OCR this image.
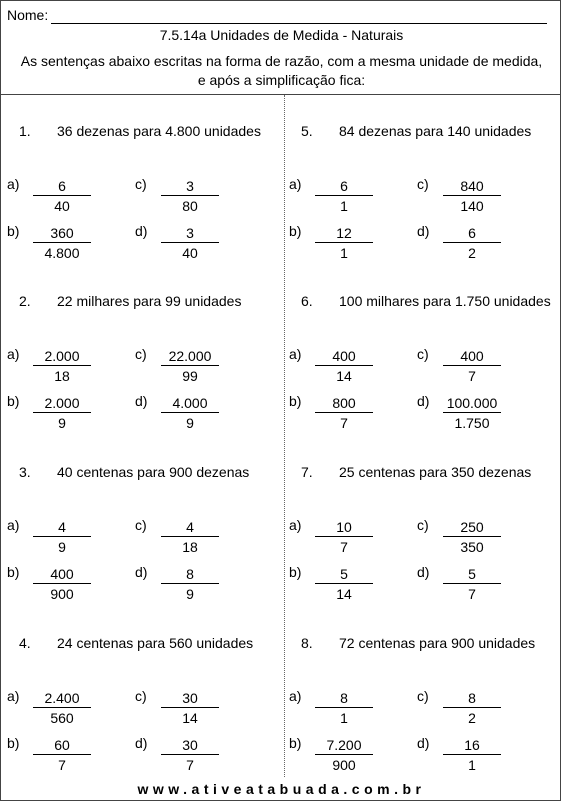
Nome:
7.5.14a Unidades de Medida - Naturais
As sentenças abaixo escritas na forma de razão, com a mesma unidade de medida,
e após a simplificação fica:
1. 36 dezenas para 4.800 unidades
$a) \frac{6}{40}$
$b) \frac{360}{4.800}$
$c) \frac{3}{80}$
$d) \frac{3}{40}$
2. 22 milhares para 99 unidades
$a) \frac{2.000}{18}$
$b) \frac{2.000}{9}$
$c) \frac{22.000}{99}$
$d) \frac{4.000}{9}$
3. 40 centenas para 900 dezenas
$a) \frac{4}{9}$
$b) \frac{400}{900}$
$c) \frac{4}{18}$
$d) \frac{8}{9}$
4. 24 centenas para 560 unidades
$a) \frac{2.400}{560}$
$b) \frac{60}{7}$
$c) \frac{30}{14}$
$d) \frac{30}{7}$
5. 84 dezenas para 140 unidades
$a) \frac{6}{1}$
$b) \frac{12}{1}$
$c) \frac{840}{140}$
$d) \frac{6}{2}$
6. 100 milhares para 1.750 unidades
$a) \frac{400}{14}$
$b) \frac{800}{7}$
$c) \frac{400}{7}$
$d) \frac{100.000}{1.750}$
7. 25 centenas para 350 dezenas
$a) \frac{10}{7}$
$b) \frac{5}{14}$
$c) \frac{250}{350}$
$d) \frac{5}{7}$
8. 72 centenas para 900 unidades
$a) \frac{8}{1}$
$b) \frac{7.200}{900}$
$c) \frac{8}{2}$
$d) \frac{16}{1}$
www.ativeatabuada.com.br
